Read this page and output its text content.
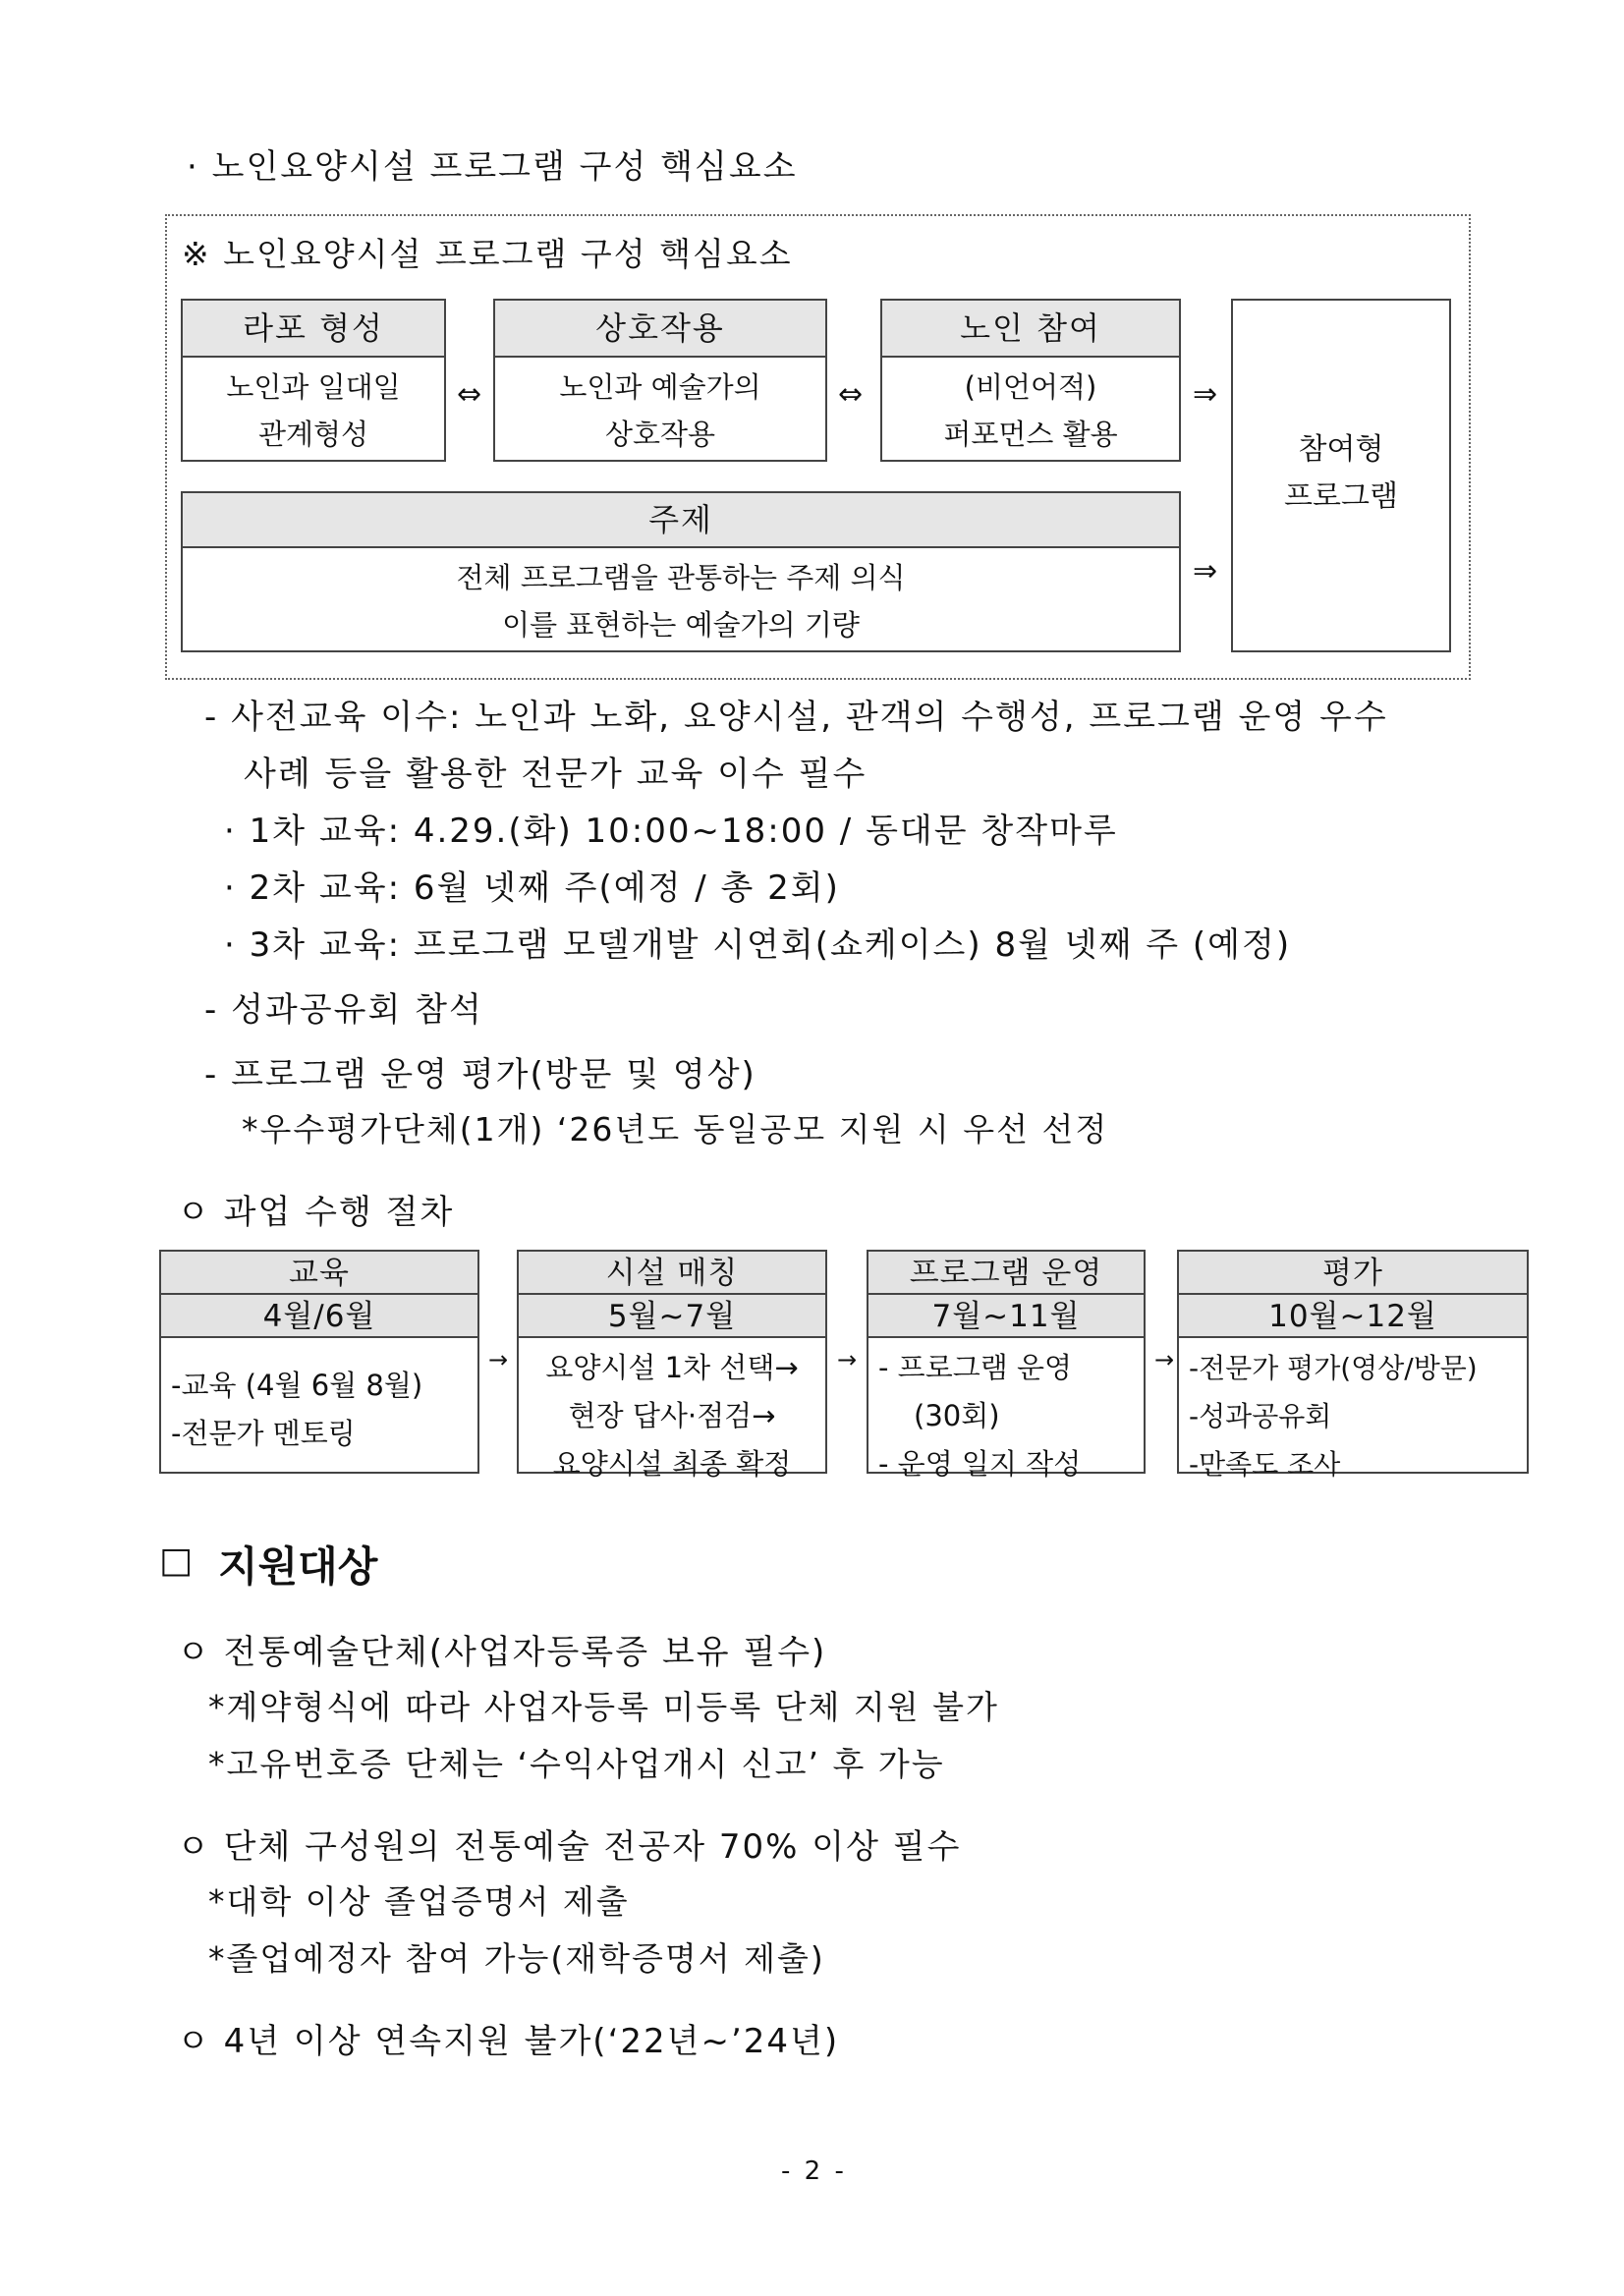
· 노인요양시설 프로그램 구성 핵심요소
※ 노인요양시설 프로그램 구성 핵심요소
라포 형성
노인과 일대일
관계형성
⇔
상호작용
노인과 예술가의
상호작용
⇔
노인 참여
(비언어적)
퍼포먼스 활용
⇒
주제
전체 프로그램을 관통하는 주제 의식
이를 표현하는 예술가의 기량
⇒
참여형
프로그램
- 사전교육 이수: 노인과 노화, 요양시설, 관객의 수행성, 프로그램 운영 우수
사례 등을 활용한 전문가 교육 이수 필수
· 1차 교육: 4.29.(화) 10:00~18:00 / 동대문 창작마루
· 2차 교육: 6월 넷째 주(예정 / 총 2회)
· 3차 교육: 프로그램 모델개발 시연회(쇼케이스) 8월 넷째 주 (예정)
- 성과공유회 참석
- 프로그램 운영 평가(방문 및 영상)
*우수평가단체(1개) ‘26년도 동일공모 지원 시 우선 선정
ㅇ 과업 수행 절차
교육
4월/6월
-교육 (4월 6월 8월)
-전문가 멘토링
→
시설 매칭
5월~7월
요양시설 1차 선택→
현장 답사·점검→
요양시설 최종 확정
→
프로그램 운영
7월~11월
- 프로그램 운영
(30회)
- 운영 일지 작성
→
평가
10월~12월
-전문가 평가(영상/방문)
-성과공유회
-만족도 조사
□ 지원대상
ㅇ 전통예술단체(사업자등록증 보유 필수)
*계약형식에 따라 사업자등록 미등록 단체 지원 불가
*고유번호증 단체는 ‘수익사업개시 신고’ 후 가능
ㅇ 단체 구성원의 전통예술 전공자 70% 이상 필수
*대학 이상 졸업증명서 제출
*졸업예정자 참여 가능(재학증명서 제출)
ㅇ 4년 이상 연속지원 불가(‘22년~’24년)
- 2 -
